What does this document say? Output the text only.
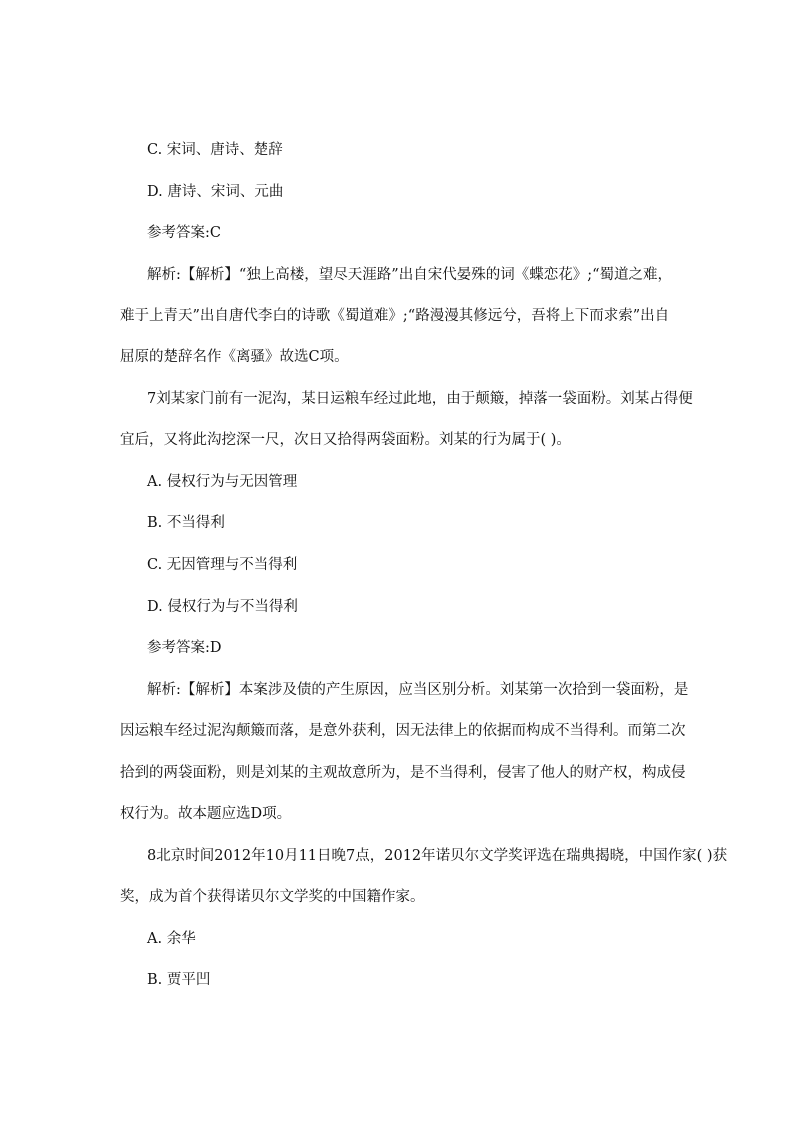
C. 宋词、唐诗、楚辞
D. 唐诗、宋词、元曲
参考答案:C
解析:【解析】“独上高楼，望尽天涯路”出自宋代晏殊的词《蝶恋花》;“蜀道之难，
难于上青天”出自唐代李白的诗歌《蜀道难》;“路漫漫其修远兮，吾将上下而求索”出自
屈原的楚辞名作《离骚》故选C项。
7刘某家门前有一泥沟，某日运粮车经过此地，由于颠簸，掉落一袋面粉。刘某占得便
宜后，又将此沟挖深一尺，次日又拾得两袋面粉。刘某的行为属于( )。
A. 侵权行为与无因管理
B. 不当得利
C. 无因管理与不当得利
D. 侵权行为与不当得利
参考答案:D
解析:【解析】本案涉及债的产生原因，应当区别分析。刘某第一次拾到一袋面粉，是
因运粮车经过泥沟颠簸而落，是意外获利，因无法律上的依据而构成不当得利。而第二次
拾到的两袋面粉，则是刘某的主观故意所为，是不当得利，侵害了他人的财产权，构成侵
权行为。故本题应选D项。
8北京时间2012年10月11日晚7点，2012年诺贝尔文学奖评选在瑞典揭晓，中国作家( )获
奖，成为首个获得诺贝尔文学奖的中国籍作家。
A. 余华
B. 贾平凹
